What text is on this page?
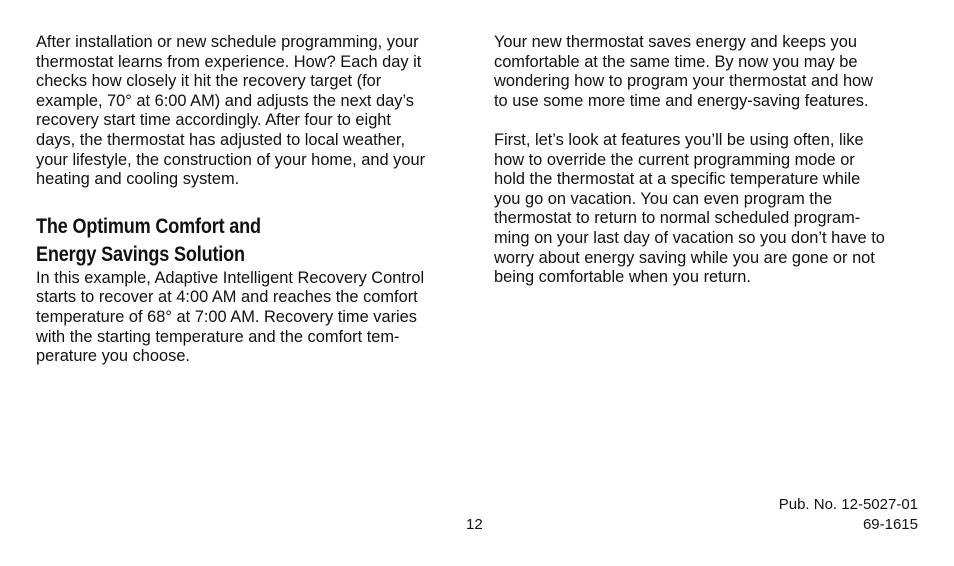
After installation or new schedule programming, your
thermostat learns from experience. How? Each day it
checks how closely it hit the recovery target (for
example, 70° at 6:00 AM) and adjusts the next day’s
recovery start time accordingly. After four to eight
days, the thermostat has adjusted to local weather,
your lifestyle, the construction of your home, and your
heating and cooling system.
The Optimum Comfort and
Energy Savings Solution
In this example, Adaptive Intelligent Recovery Control
starts to recover at 4:00 AM and reaches the comfort
temperature of 68° at 7:00 AM. Recovery time varies
with the starting temperature and the comfort tem-
perature you choose.
Your new thermostat saves energy and keeps you
comfortable at the same time. By now you may be
wondering how to program your thermostat and how
to use some more time and energy-saving features.
First, let’s look at features you’ll be using often, like
how to override the current programming mode or
hold the thermostat at a specific temperature while
you go on vacation. You can even program the
thermostat to return to normal scheduled program-
ming on your last day of vacation so you don’t have to
worry about energy saving while you are gone or not
being comfortable when you return.
12
Pub. No. 12-5027-01
69-1615
